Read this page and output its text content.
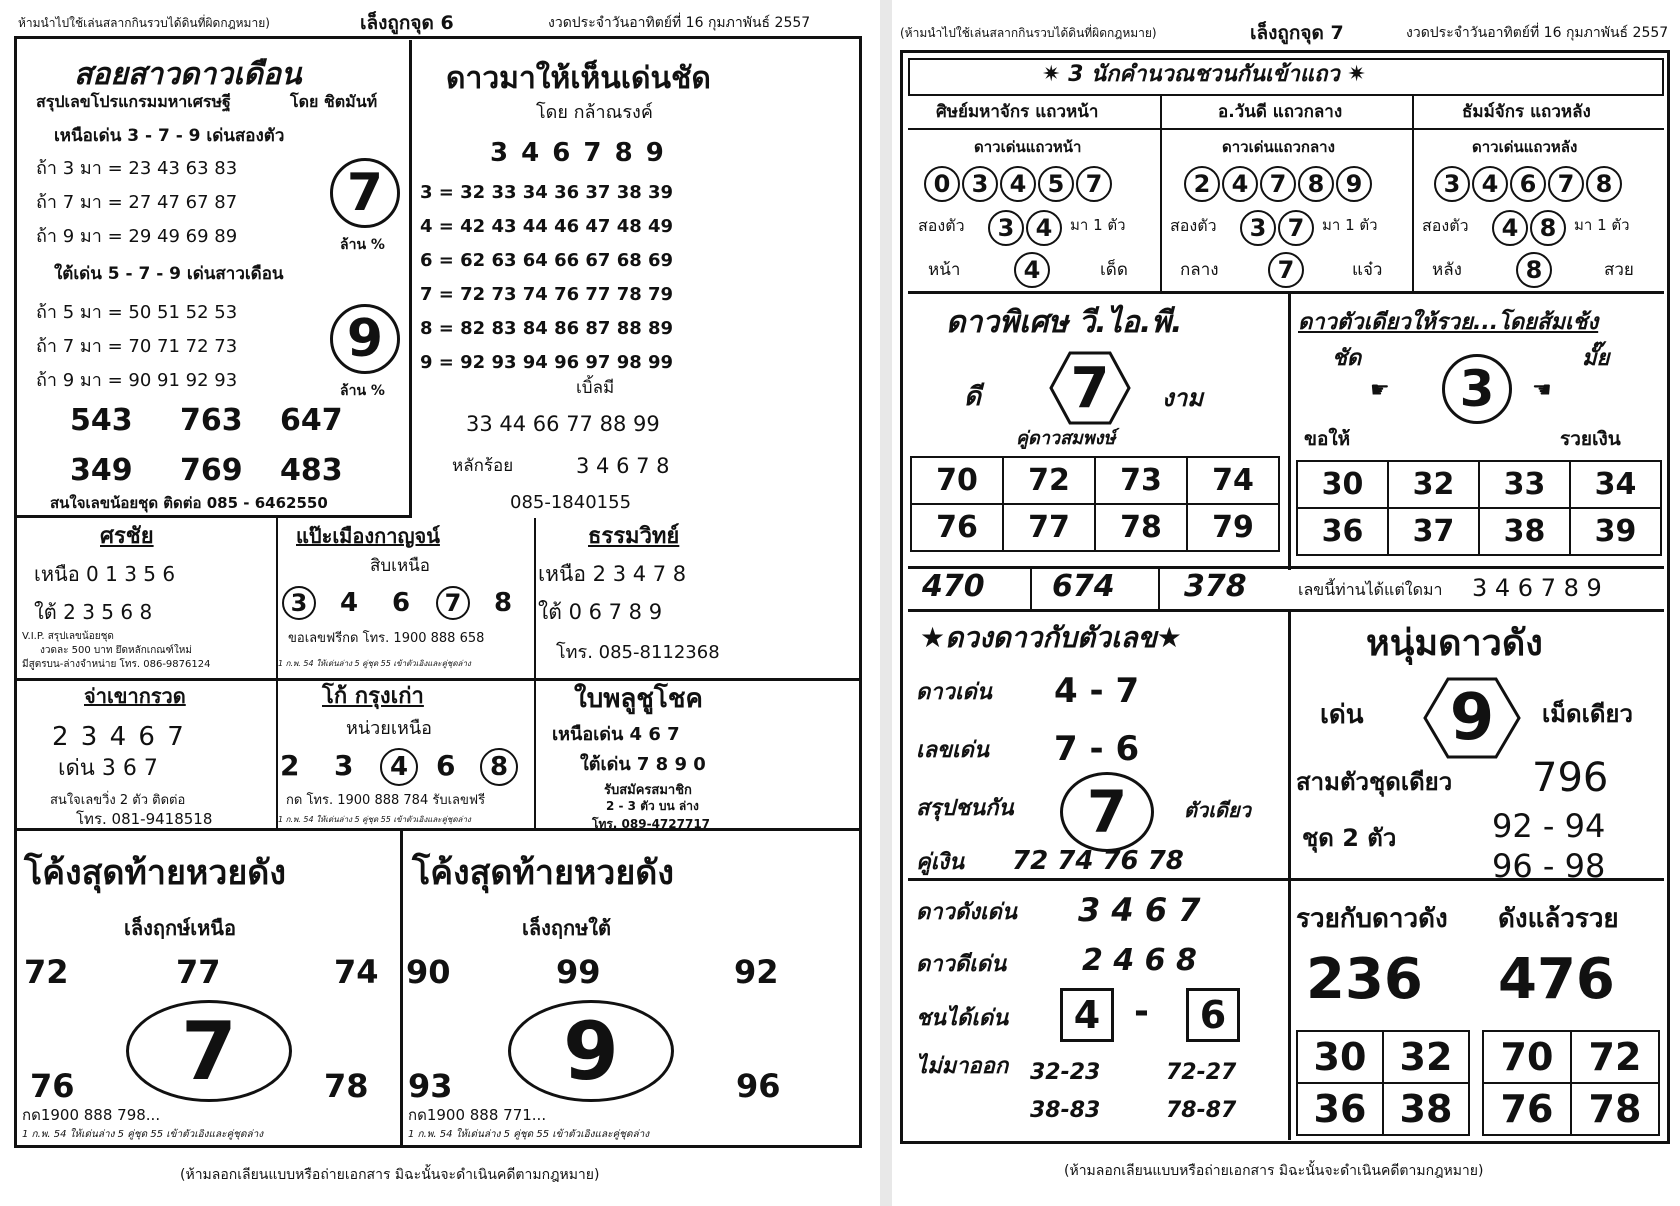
ห้ามนำไปใช้เล่นสลากกินรวบได้ดินที่ผิดกฎหมาย)	เล็งถูกจุด 6	งวดประจำวันอาทิตย์ที่ 16 กุมภาพันธ์ 2557
สอยสาวดาวเดือน
สรุปเลขโปรแกรมมหาเศรษฐี	โดย ชิตมันท์
เหนือเด่น 3 - 7 - 9 เด่นสองตัว
ถ้า 3 มา = 23 43 63 83
ถ้า 7 มา = 27 47 67 87
ถ้า 9 มา = 29 49 69 89
7
ล้าน %
ใต้เด่น 5 - 7 - 9 เด่นสาวเดือน
ถ้า 5 มา = 50 51 52 53
ถ้า 7 มา = 70 71 72 73
ถ้า 9 มา = 90 91 92 93
9
ล้าน %
543 763 647
349 769 483
สนใจเลขน้อยชุด ติดต่อ 085 - 6462550
ดาวมาให้เห็นเด่นชัด
โดย กล้าณรงค์
3 4 6 7 8 9
3 = 32 33 34 36 37 38 39
4 = 42 43 44 46 47 48 49
6 = 62 63 64 66 67 68 69
7 = 72 73 74 76 77 78 79
8 = 82 83 84 86 87 88 89
9 = 92 93 94 96 97 98 99
เบิ้ลมี
33 44 66 77 88 99
หลักร้อย	3 4 6 7 8
085-1840155
ศรชัย
เหนือ 0 1 3 5 6
ใต้ 2 3 5 6 8
V.I.P. สรุปเลขน้อยชุด
งวดละ 500 บาท ยึดหลักเกณฑ์ใหม่
มีสูตรบน-ล่างจำหน่าย โทร. 086-9876124
แป๊ะเมืองกาญจน์
สิบเหนือ
3	4 6	7	8
ขอเลขฟรีกด โทร. 1900 888 658
1 ก.พ. 54 ให้เด่นล่าง 5 คู่ชุด 55 เข้าตัวเอิงและคู่ชุดล่าง
ธรรมวิทย์
เหนือ 2 3 4 7 8
ใต้ 0 6 7 8 9
โทร. 085-8112368
จ่าเขากรวด
2 3 4 6 7
เด่น 3 6 7
สนใจเลขวิ่ง 2 ตัว ติดต่อ
โทร. 081-9418518
โก้ กรุงเก่า
หน่วยเหนือ
2 3	4 6	8
กด โทร. 1900 888 784 รับเลขฟรี
1 ก.พ. 54 ให้เด่นล่าง 5 คู่ชุด 55 เข้าตัวเอิงและคู่ชุดล่าง
ใบพลูชูโชค
เหนือเด่น 4 6 7
ใต้เด่น 7 8 9 0
รับสมัครสมาชิก
2 - 3 ตัว บน ล่าง
โทร. 089-4727717
โค้งสุดท้ายหวยดัง
เล็งฤกษ์เหนือ
72	77	74
7
76	78
กด1900 888 798...
1 ก.พ. 54 ให้เด่นล่าง 5 คู่ชุด 55 เข้าตัวเอิงและคู่ชุดล่าง
โค้งสุดท้ายหวยดัง
เล็งฤกษใต้
90	99	92
9
93	96
กด1900 888 771...
1 ก.พ. 54 ให้เด่นล่าง 5 คู่ชุด 55 เข้าตัวเอิงและคู่ชุดล่าง
(ห้ามลอกเลียนแบบหรือถ่ายเอกสาร มิฉะนั้นจะดำเนินคดีตามกฎหมาย)
(ห้ามนำไปใช้เล่นสลากกินรวบได้ดินที่ผิดกฎหมาย)	เล็งถูกจุด 7	งวดประจำวันอาทิตย์ที่ 16 กุมภาพันธ์ 2557
✷ 3 นักคำนวณชวนกันเข้าแถว ✷
ศิษย์มหาจักร แถวหน้า
ดาวเด่นแถวหน้า
0 3 4 5 7
สองตัว	3 4	มา 1 ตัว
หน้า	4	เด็ด
อ.วันดี แถวกลาง
ดาวเด่นแถวกลาง
2 4 7 8 9
สองตัว	3 7	มา 1 ตัว
กลาง	7	แจ๋ว
ธัมม์จักร แถวหลัง
ดาวเด่นแถวหลัง
3 4 6 7 8
สองตัว	4 8	มา 1 ตัว
หลัง	8	สวย
ดาวพิเศษ วี.ไอ.พี.
ดี 7 งาม
คู่ดาวสมพงษ์
70	72	73	74
76	77	78	79
ดาวตัวเดียวให้รวย...โดยส้มเช้ง
ชัด	มั๊ย
☛	3	☚
ขอให้	รวยเงิน
30	32	33	34
36	37	38	39
470 674 378	เลขนี้ท่านได้แต่ใดมา 3 4 6 7 8 9
★ดวงดาวกับตัวเลข★
ดาวเด่น 4 - 7
เลขเด่น 7 - 6
สรุปชนกัน	7	ตัวเดียว
คู่เงิน 72 74 76 78
หนุ่มดาวดัง
เด่น 9 เม็ดเดียว
สามตัวชุดเดียว 796
ชุด 2 ตัว	92 - 94
96 - 98
ดาวดังเด่น 3 4 6 7
ดาวดีเด่น	2 4 6 8
ชนได้เด่น	4 -	6
ไม่มาออก 32-23	72-27
38-83	78-87
รวยกับดาวดัง ดังแล้วรวย
236 476
30	32
36	38
70	72
76	78
(ห้ามลอกเลียนแบบหรือถ่ายเอกสาร มิฉะนั้นจะดำเนินคดีตามกฎหมาย)
